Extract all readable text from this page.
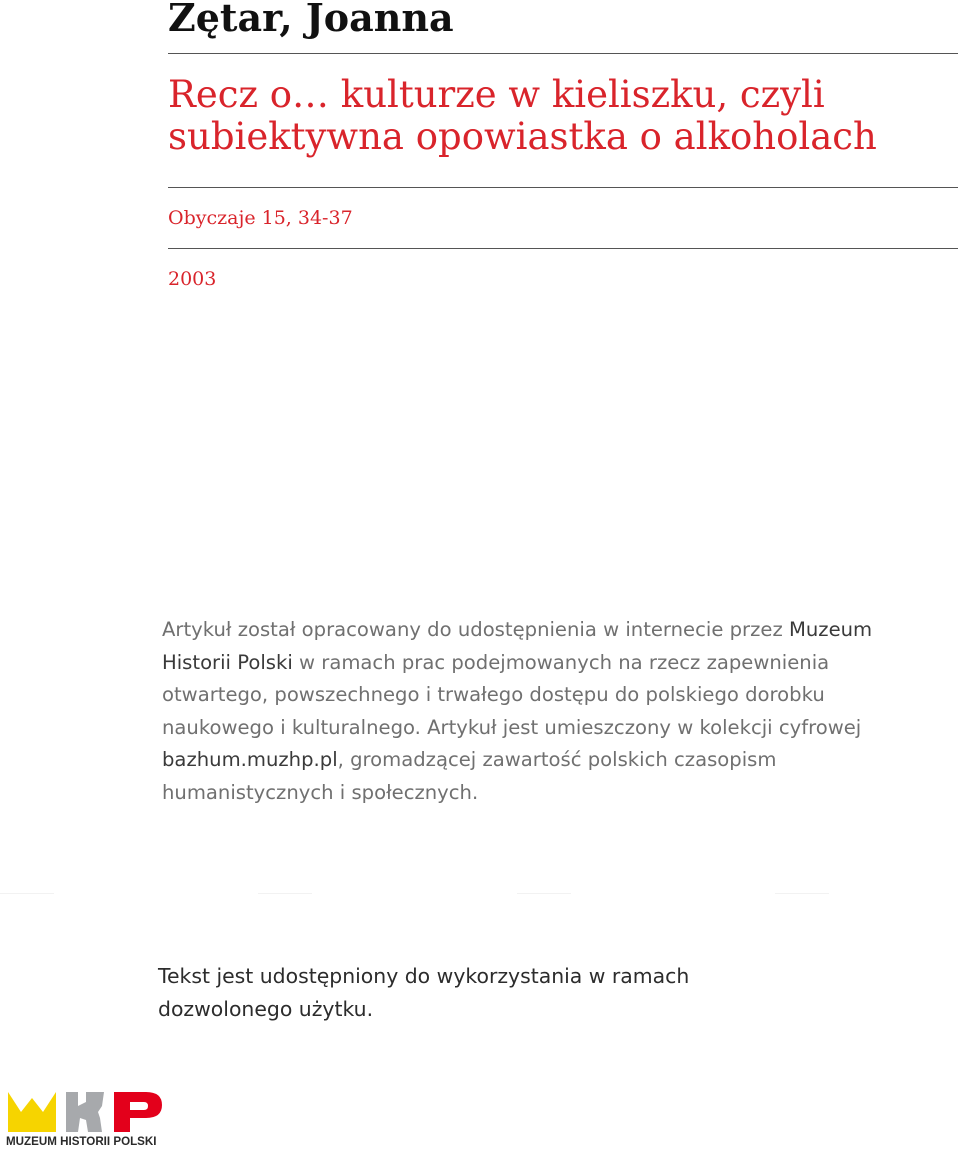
Zętar, Joanna
Recz o… kulturze w kieliszku, czyli subiektywna opowiastka o alkoholach
Obyczaje 15, 34-37
2003

Artykuł został opracowany do udostępnienia w internecie przez Muzeum Historii Polski w ramach prac podejmowanych na rzecz zapewnienia otwartego, powszechnego i trwałego dostępu do polskiego dorobku naukowego i kulturalnego. Artykuł jest umieszczony w kolekcji cyfrowej bazhum.muzhp.pl, gromadzącej zawartość polskich czasopism humanistycznych i społecznych.

Tekst jest udostępniony do wykorzystania w ramach dozwolonego użytku.

MUZEUM HISTORII POLSKI
